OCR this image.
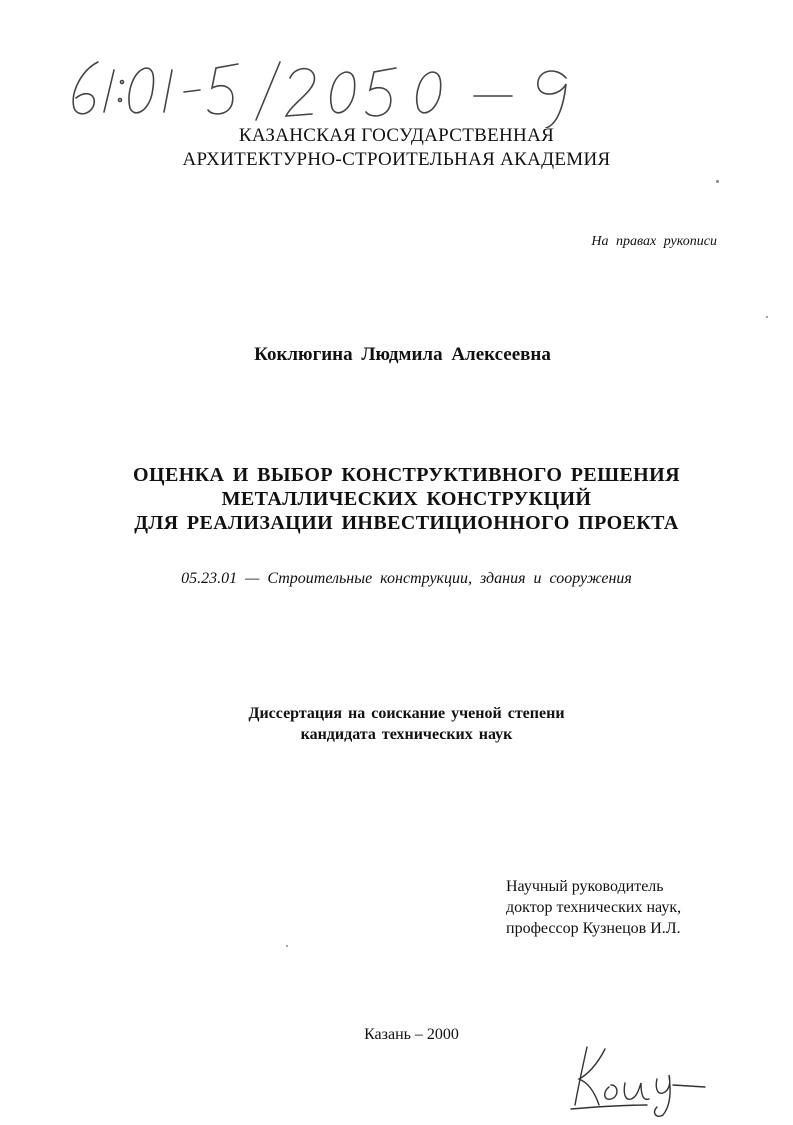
КАЗАНСКАЯ ГОСУДАРСТВЕННАЯ
АРХИТЕКТУРНО-СТРОИТЕЛЬНАЯ АКАДЕМИЯ
На правах рукописи
Коклюгина Людмила Алексеевна
ОЦЕНКА И ВЫБОР КОНСТРУКТИВНОГО РЕШЕНИЯ
МЕТАЛЛИЧЕСКИХ КОНСТРУКЦИЙ
ДЛЯ РЕАЛИЗАЦИИ ИНВЕСТИЦИОННОГО ПРОЕКТА
05.23.01 — Строительные конструкции, здания и сооружения
Диссертация на соискание ученой степени
кандидата технических наук
Научный руководитель
доктор технических наук,
профессор Кузнецов И.Л.
Казань – 2000
